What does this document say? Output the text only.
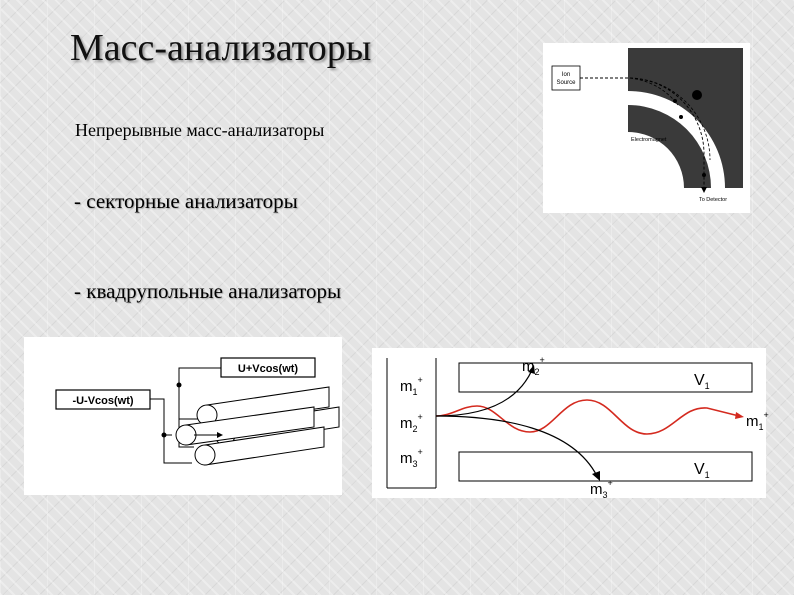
Масс-анализаторы
Непрерывные масс-анализаторы
- секторные анализаторы
- квадрупольные анализаторы
Ion
Source
Electromagnet
To Detector
U+Vcos(wt)
-U-Vcos(wt)
$m_1^+$
$m_2^+$
$m_3^+$
$V_1$
$V_1$
$m_1^+$
$m_2^+$
$m_3^+$
